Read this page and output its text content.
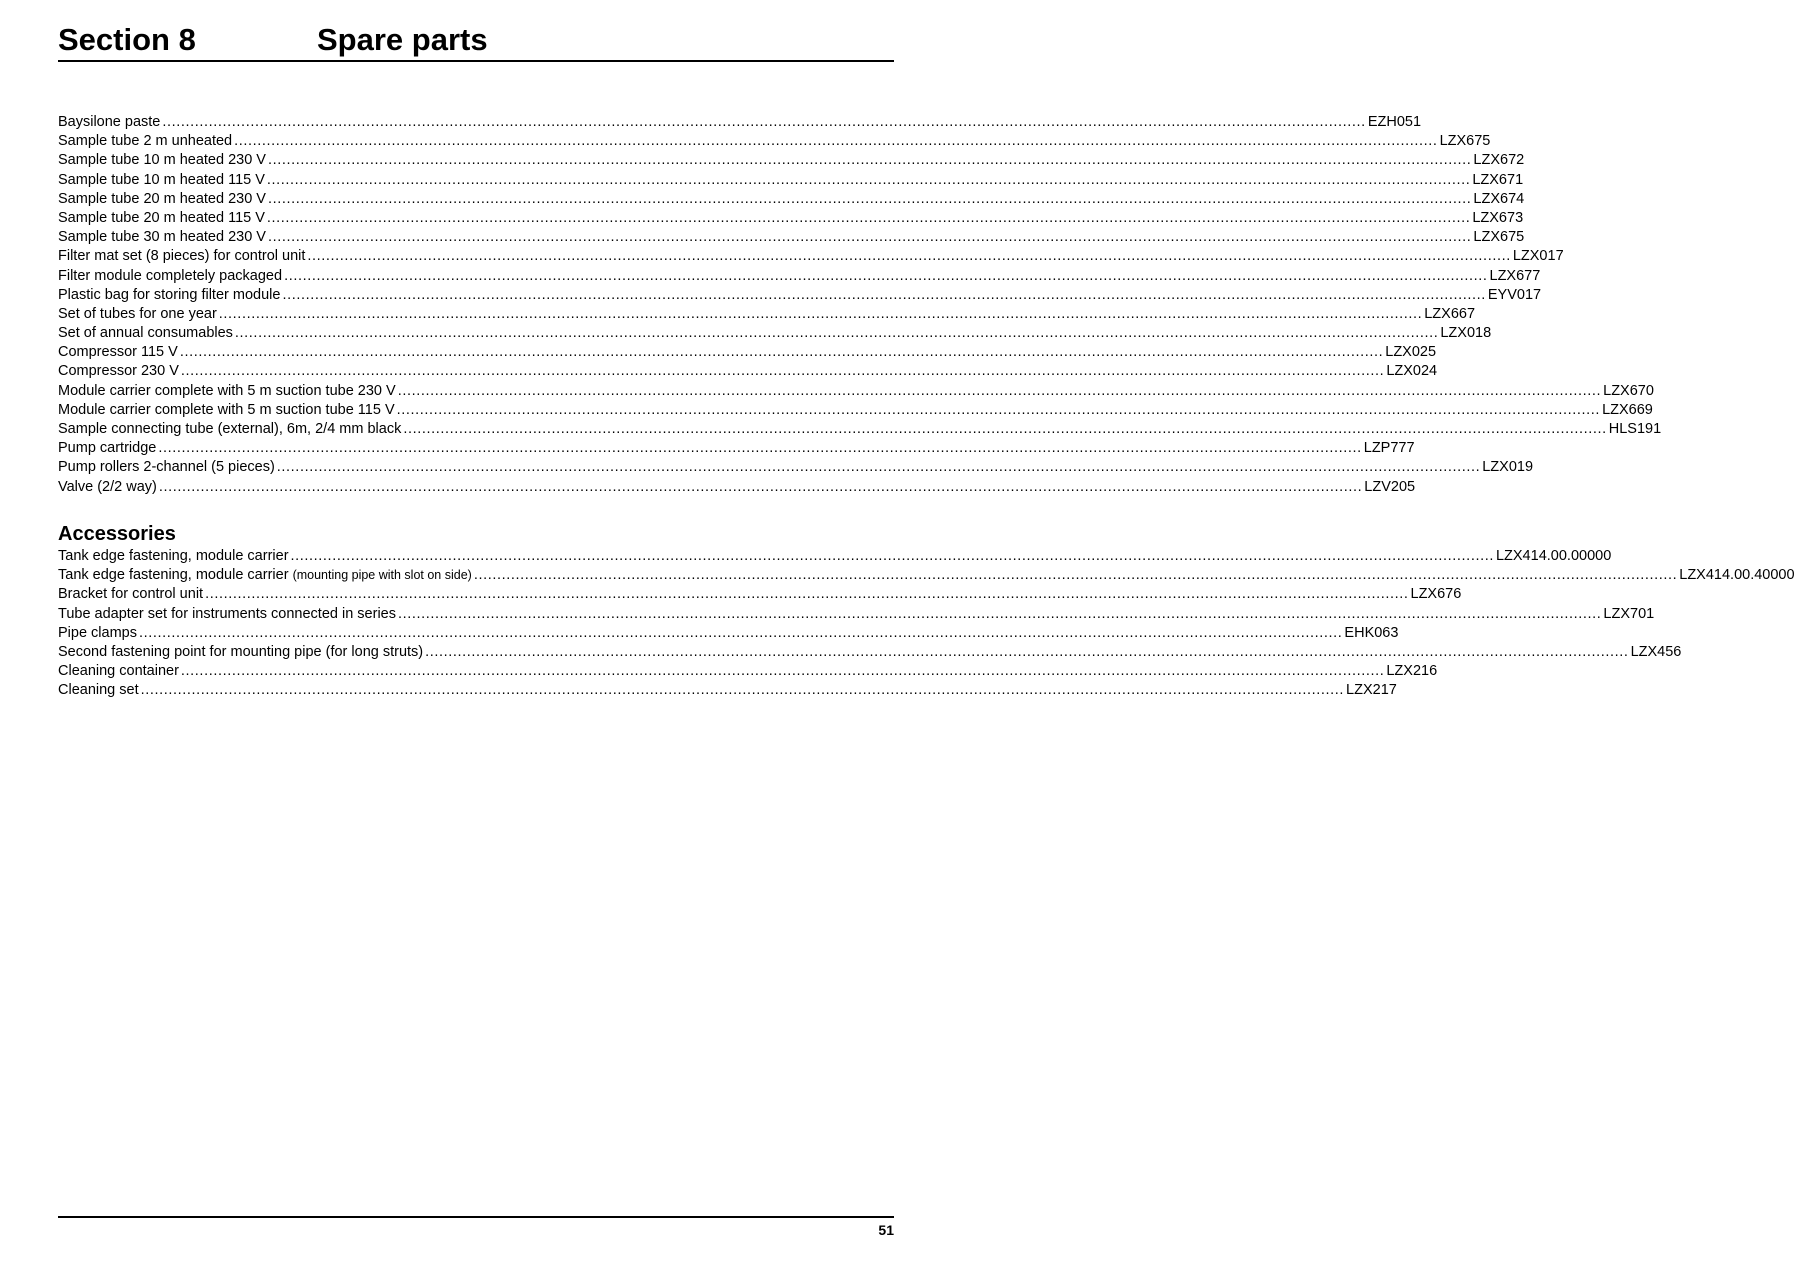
Section 8	Spare parts
Baysilone paste .................................................................................................................................................................................................................................................................... EZH051
Sample tube 2 m unheated .................................................................................................................................................................................................................................................................... LZX675
Sample tube 10 m heated 230 V .................................................................................................................................................................................................................................................................... LZX672
Sample tube 10 m heated 115 V .................................................................................................................................................................................................................................................................... LZX671
Sample tube 20 m heated 230 V .................................................................................................................................................................................................................................................................... LZX674
Sample tube 20 m heated 115 V .................................................................................................................................................................................................................................................................... LZX673
Sample tube 30 m heated 230 V .................................................................................................................................................................................................................................................................... LZX675
Filter mat set (8 pieces) for control unit .................................................................................................................................................................................................................................................................... LZX017
Filter module completely packaged .................................................................................................................................................................................................................................................................... LZX677
Plastic bag for storing filter module .................................................................................................................................................................................................................................................................... EYV017
Set of tubes for one year .................................................................................................................................................................................................................................................................... LZX667
Set of annual consumables .................................................................................................................................................................................................................................................................... LZX018
Compressor 115 V .................................................................................................................................................................................................................................................................... LZX025
Compressor 230 V .................................................................................................................................................................................................................................................................... LZX024
Module carrier complete with 5 m suction tube 230 V .................................................................................................................................................................................................................................................................... LZX670
Module carrier complete with 5 m suction tube 115 V .................................................................................................................................................................................................................................................................... LZX669
Sample connecting tube (external), 6m, 2/4 mm black .................................................................................................................................................................................................................................................................... HLS191
Pump cartridge .................................................................................................................................................................................................................................................................... LZP777
Pump rollers 2-channel (5 pieces) .................................................................................................................................................................................................................................................................... LZX019
Valve (2/2 way) .................................................................................................................................................................................................................................................................... LZV205
Accessories
Tank edge fastening, module carrier .................................................................................................................................................................................................................................................................... LZX414.00.00000
Tank edge fastening, module carrier (mounting pipe with slot on side) .................................................................................................................................................................................................................................................................... LZX414.00.40000
Bracket for control unit .................................................................................................................................................................................................................................................................... LZX676
Tube adapter set for instruments connected in series .................................................................................................................................................................................................................................................................... LZX701
Pipe clamps .................................................................................................................................................................................................................................................................... EHK063
Second fastening point for mounting pipe (for long struts) .................................................................................................................................................................................................................................................................... LZX456
Cleaning container .................................................................................................................................................................................................................................................................... LZX216
Cleaning set .................................................................................................................................................................................................................................................................... LZX217
51
